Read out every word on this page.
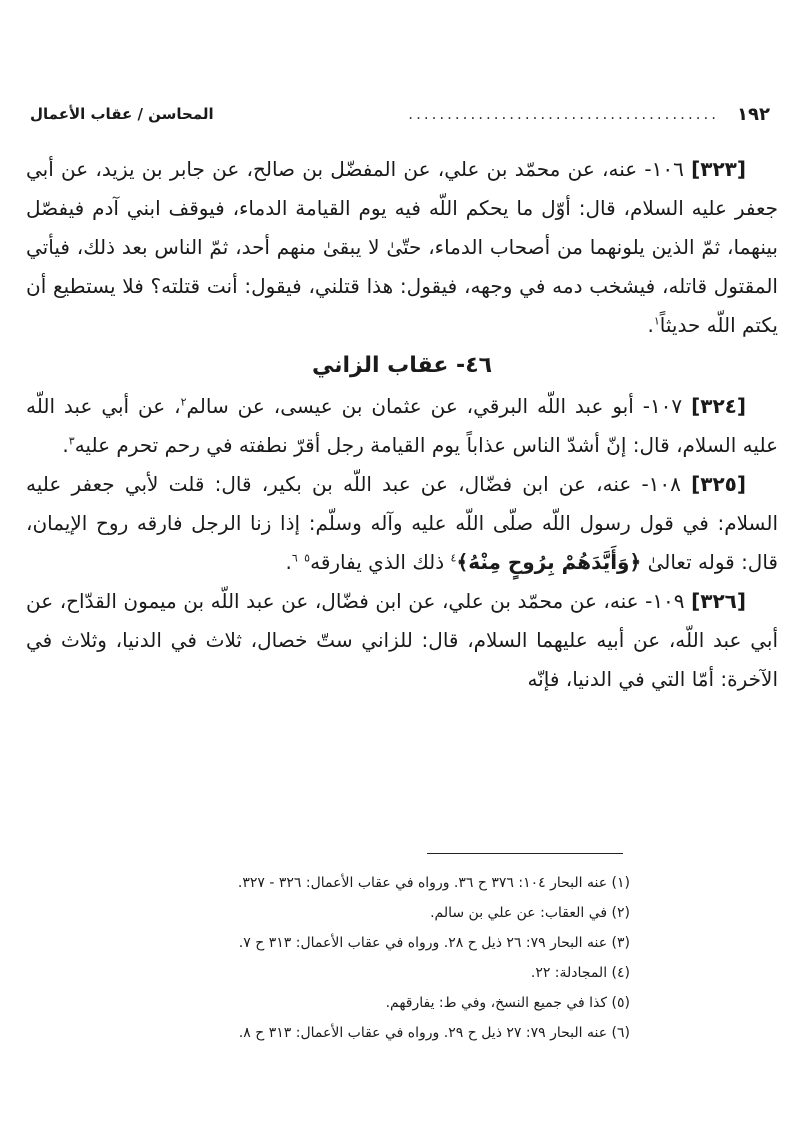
١٩٢
........................................
المحاسن / عقاب الأعمال

[٣٢٣] ١٠٦- عنه، عن محمّد بن علي، عن المفضّل بن صالح، عن جابر بن يزيد، عن أبي جعفر عليه السلام، قال: أوّل ما يحكم اللّه فيه يوم القيامة الدماء، فيوقف ابني آدم فيفصّل بينهما، ثمّ الذين يلونهما من أصحاب الدماء، حتّىٰ لا يبقىٰ منهم أحد، ثمّ الناس بعد ذلك، فيأتي المقتول قاتله، فيشخب دمه في وجهه، فيقول: هذا قتلني، فيقول: أنت قتلته؟ فلا يستطيع أن يكتم اللّه حديثاً$^١$.

٤٦- عقاب الزاني

[٣٢٤] ١٠٧- أبو عبد اللّه البرقي، عن عثمان بن عيسى، عن سالم$^٢$، عن أبي عبد اللّه عليه السلام، قال: إنّ أشدّ الناس عذاباً يوم القيامة رجل أقرّ نطفته في رحم تحرم عليه$^٣$.

[٣٢٥] ١٠٨- عنه، عن ابن فضّال، عن عبد اللّه بن بكير، قال: قلت لأبي جعفر عليه السلام: في قول رسول اللّه صلّى اللّه عليه وآله وسلّم: إذا زنا الرجل فارقه روح الإيمان، قال: قوله تعالىٰ ﴿وَأَيَّدَهُمْ بِرُوحٍ مِنْهُ﴾$^٤$ ذلك الذي يفارقه$^٥$ $^٦$.

[٣٢٦] ١٠٩- عنه، عن محمّد بن علي، عن ابن فضّال، عن عبد اللّه بن ميمون القدّاح، عن أبي عبد اللّه، عن أبيه عليهما السلام، قال: للزاني ستّ خصال، ثلاث في الدنيا، وثلاث في الآخرة: أمّا التي في الدنيا، فإنّه

(١) عنه البحار ١٠٤: ٣٧٦ ح ٣٦. ورواه في عقاب الأعمال: ٣٢٦ - ٣٢٧.

(٢) في العقاب: عن علي بن سالم.

(٣) عنه البحار ٧٩: ٢٦ ذيل ح ٢٨. ورواه في عقاب الأعمال: ٣١٣ ح ٧.

(٤) المجادلة: ٢٢.

(٥) كذا في جميع النسخ، وفي ط: يفارقهم.

(٦) عنه البحار ٧٩: ٢٧ ذيل ح ٢٩. ورواه في عقاب الأعمال: ٣١٣ ح ٨.
